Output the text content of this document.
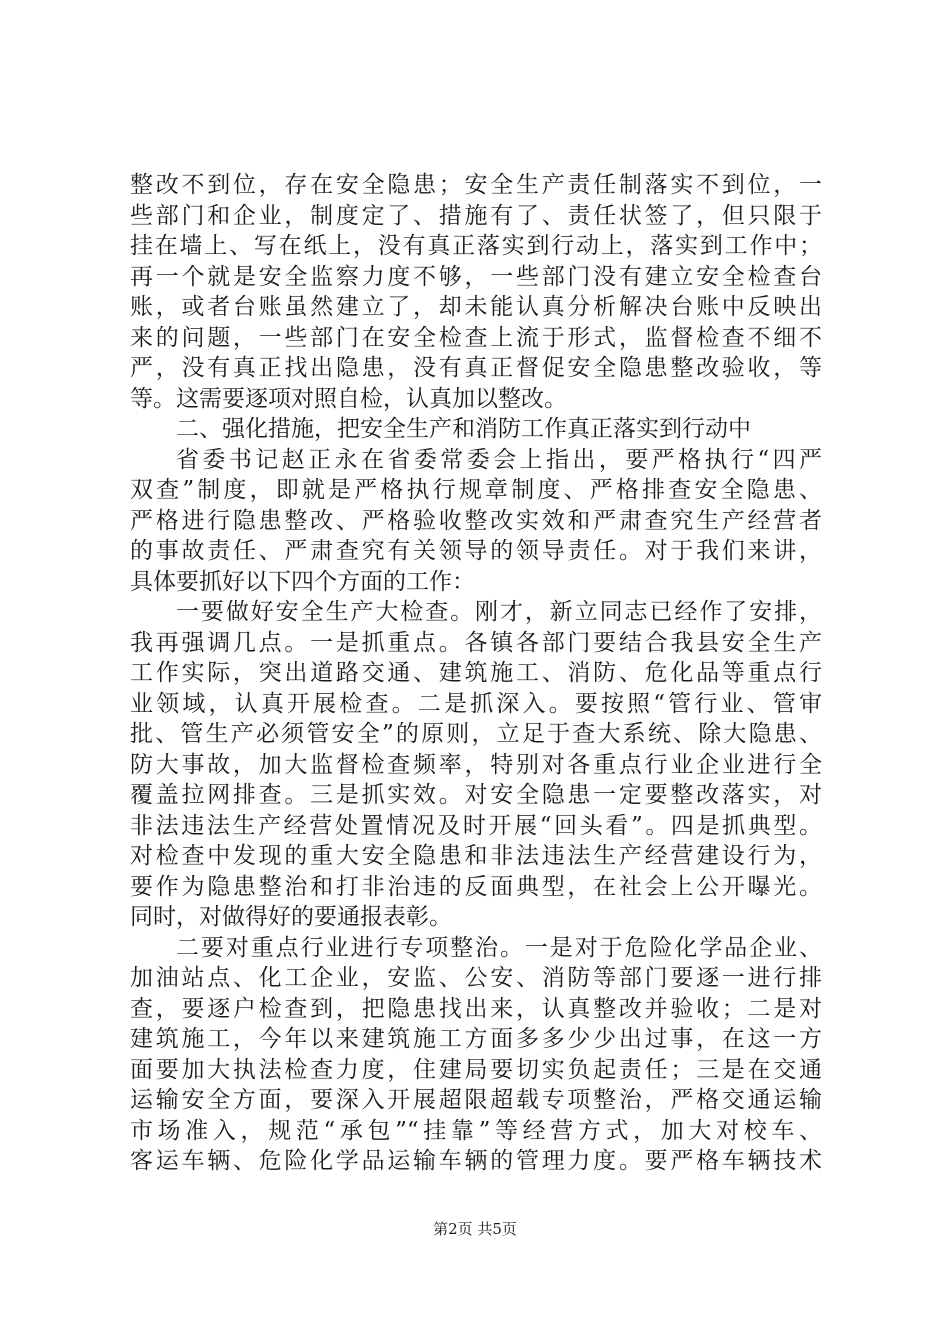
整改不到位，存在安全隐患；安全生产责任制落实不到位，一
些部门和企业，制度定了、措施有了、责任状签了，但只限于
挂在墙上、写在纸上，没有真正落实到行动上，落实到工作中；
再一个就是安全监察力度不够，一些部门没有建立安全检查台
账，或者台账虽然建立了，却未能认真分析解决台账中反映出
来的问题，一些部门在安全检查上流于形式，监督检查不细不
严，没有真正找出隐患，没有真正督促安全隐患整改验收，等
等。这需要逐项对照自检，认真加以整改。
二、强化措施，把安全生产和消防工作真正落实到行动中
省委书记赵正永在省委常委会上指出，要严格执行“四严
双查”制度，即就是严格执行规章制度、严格排查安全隐患、
严格进行隐患整改、严格验收整改实效和严肃查究生产经营者
的事故责任、严肃查究有关领导的领导责任。对于我们来讲，
具体要抓好以下四个方面的工作：
一要做好安全生产大检查。刚才，新立同志已经作了安排，
我再强调几点。一是抓重点。各镇各部门要结合我县安全生产
工作实际，突出道路交通、建筑施工、消防、危化品等重点行
业领域，认真开展检查。二是抓深入。要按照“管行业、管审
批、管生产必须管安全”的原则，立足于查大系统、除大隐患、
防大事故，加大监督检查频率，特别对各重点行业企业进行全
覆盖拉网排查。三是抓实效。对安全隐患一定要整改落实，对
非法违法生产经营处置情况及时开展“回头看”。四是抓典型。
对检查中发现的重大安全隐患和非法违法生产经营建设行为，
要作为隐患整治和打非治违的反面典型，在社会上公开曝光。
同时，对做得好的要通报表彰。
二要对重点行业进行专项整治。一是对于危险化学品企业、
加油站点、化工企业，安监、公安、消防等部门要逐一进行排
查，要逐户检查到，把隐患找出来，认真整改并验收；二是对
建筑施工，今年以来建筑施工方面多多少少出过事，在这一方
面要加大执法检查力度，住建局要切实负起责任；三是在交通
运输安全方面，要深入开展超限超载专项整治，严格交通运输
市场准入，规范“承包”“挂靠”等经营方式，加大对校车、
客运车辆、危险化学品运输车辆的管理力度。要严格车辆技术
第2页 共5页
